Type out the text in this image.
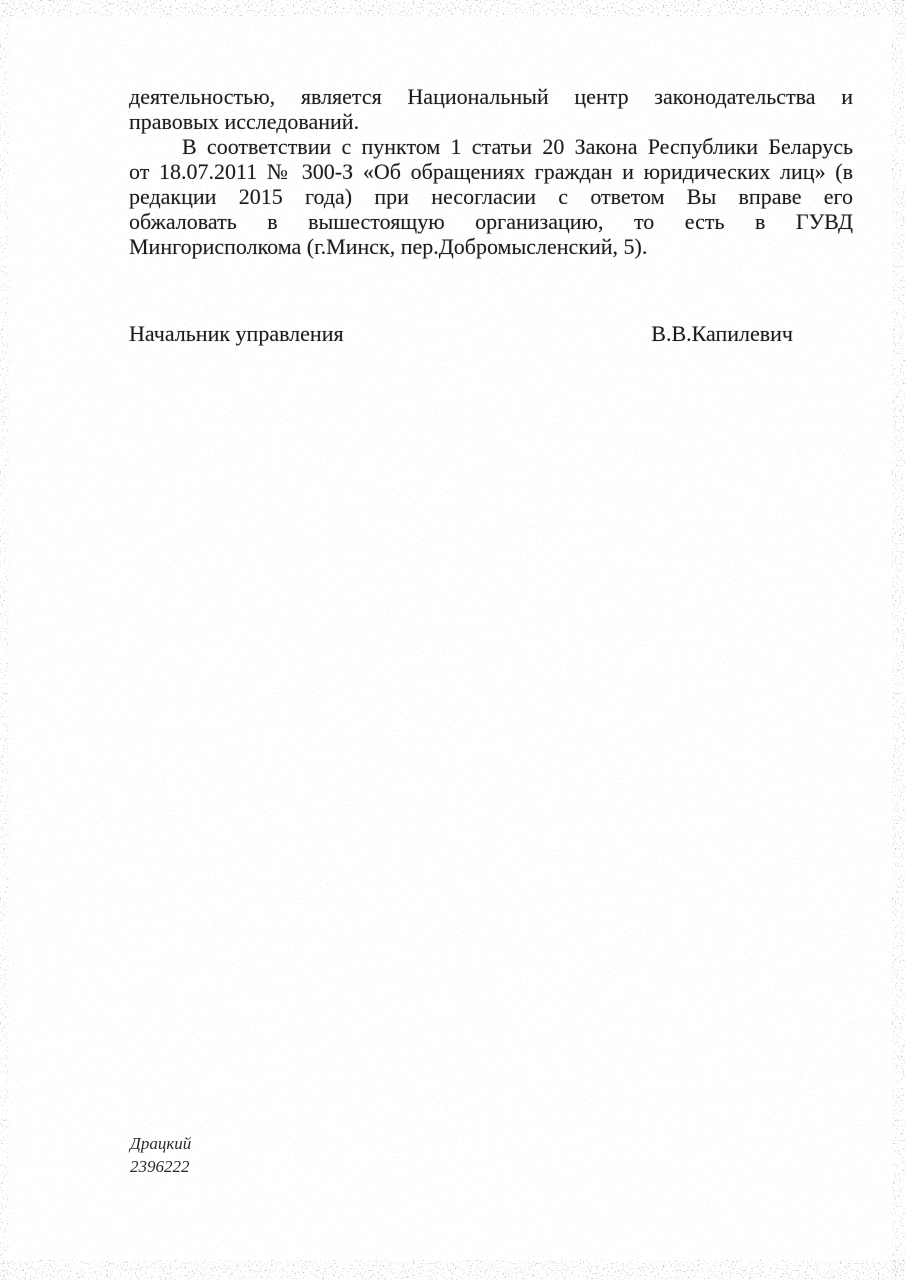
деятельностью, является Национальный центр законодательства и
правовых исследований.
В соответствии с пунктом 1 статьи 20 Закона Республики Беларусь
от 18.07.2011 № 300-З «Об обращениях граждан и юридических лиц» (в
редакции 2015 года) при несогласии с ответом Вы вправе его
обжаловать в вышестоящую организацию, то есть в ГУВД
Мингорисполкома (г.Минск, пер.Добромысленский, 5).
Начальник управления	В.В.Капилевич
Драцкий
2396222
